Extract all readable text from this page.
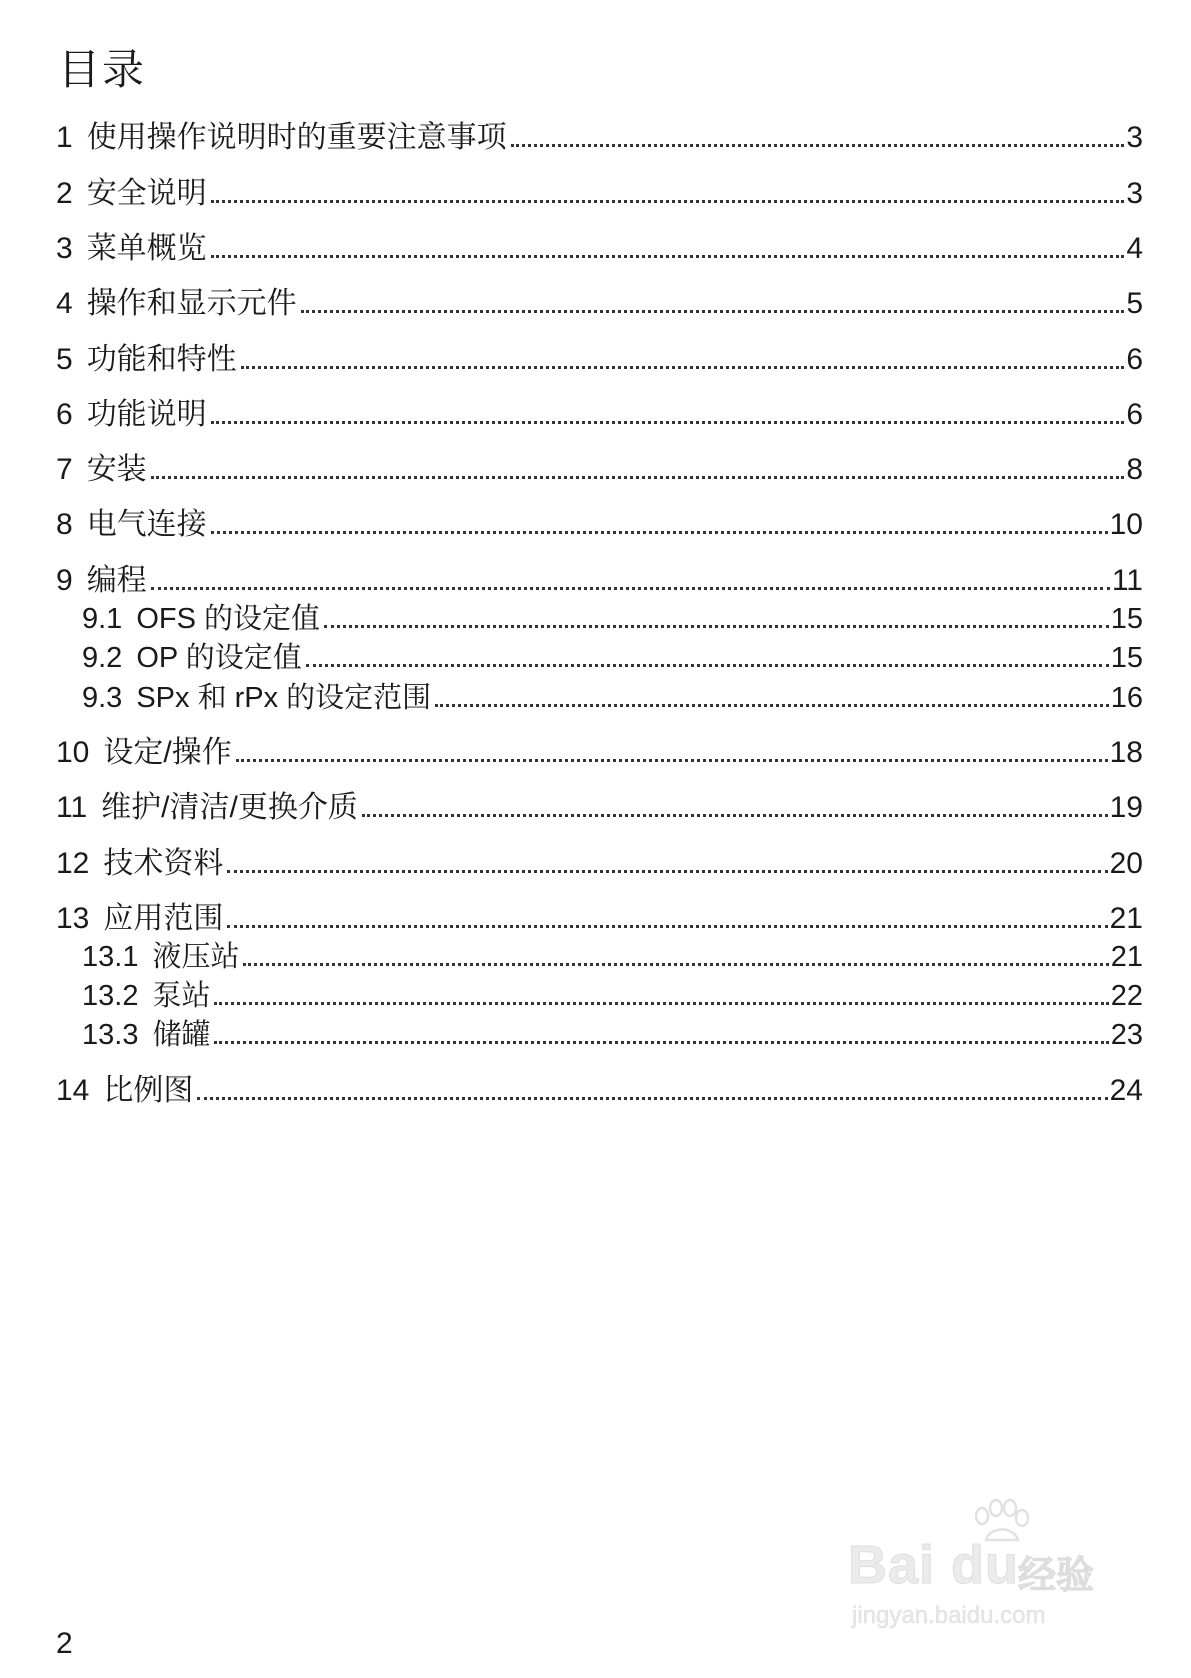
目录
1 使用操作说明时的重要注意事项	3
2 安全说明	3
3 菜单概览	4
4 操作和显示元件	5
5 功能和特性	6
6 功能说明	6
7 安装	8
8 电气连接	10
9 编程	11
9.1 OFS 的设定值	15
9.2 OP 的设定值	15
9.3 SPx 和 rPx 的设定范围	16
10 设定/操作	18
11 维护/清洁/更换介质	19
12 技术资料	20
13 应用范围	21
13.1 液压站	21
13.2 泵站	22
13.3 储罐	23
14 比例图	24
2
Bai du
经验
jingyan.baidu.com
